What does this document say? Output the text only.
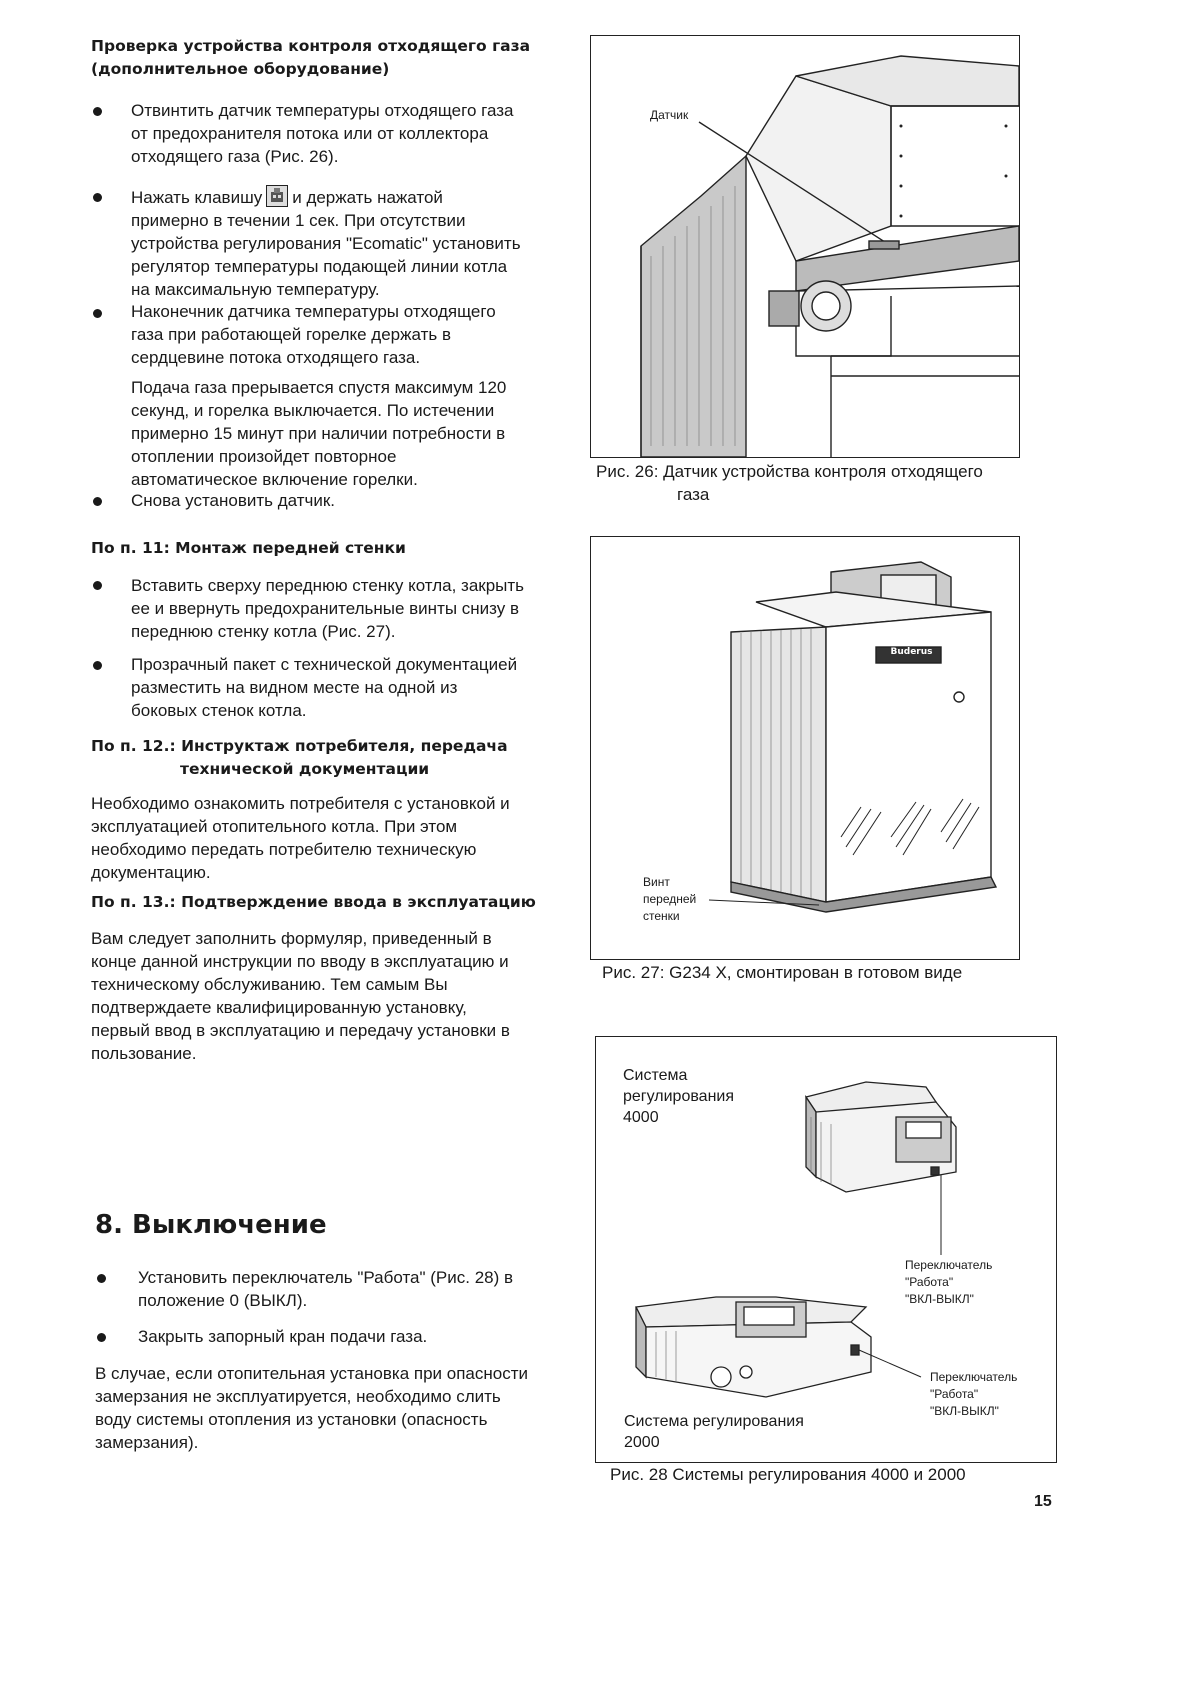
Проверка устройства контроля отходящего газа
(дополнительное оборудование)
Отвинтить датчик температуры отходящего газа
от предохранителя потока или от коллектора
отходящего газа (Рис. 26).
Нажать клавишу и держать нажатой
примерно в течении 1 сек. При отсутствии
устройства регулирования "Ecomatic" установить
регулятор температуры подающей линии котла
на максимальную температуру.
Наконечник датчика температуры отходящего
газа при работающей горелке держать в
сердцевине потока отходящего газа.
Подача газа прерывается спустя максимум 120
секунд, и горелка выключается. По истечении
примерно 15 минут при наличии потребности в
отоплении произойдет повторное
автоматическое включение горелки.
Снова установить датчик.
По п. 11: Монтаж передней стенки
Вставить сверху переднюю стенку котла, закрыть
ее и ввернуть предохранительные винты снизу в
переднюю стенку котла (Рис. 27).
Прозрачный пакет с технической документацией
разместить на видном месте на одной из
боковых стенок котла.
По п. 12.: Инструктаж потребителя, передача
технической документации
Необходимо ознакомить потребителя с установкой и
эксплуатацией отопительного котла. При этом
необходимо передать потребителю техническую
документацию.
По п. 13.: Подтверждение ввода в эксплуатацию
Вам следует заполнить формуляр, приведенный в
конце данной инструкции по вводу в эксплуатацию и
техническому обслуживанию. Тем самым Вы
подтверждаете квалифицированную установку,
первый ввод в эксплуатацию и передачу установки в
пользование.
8. Выключение
Установить переключатель "Работа" (Рис. 28) в
положение 0 (ВЫКЛ).
Закрыть запорный кран подачи газа.
В случае, если отопительная установка при опасности
замерзания не эксплуатируется, необходимо слить
воду системы отопления из установки (опасность
замерзания).
Датчик
Рис. 26: Датчик устройства контроля отходящего
газа
Buderus
Винт
передней
стенки
Рис. 27: G234 X, смонтирован в готовом виде
Система
регулирования
4000
Переключатель
"Работа"
"ВКЛ-ВЫКЛ"
Переключатель
"Работа"
"ВКЛ-ВЫКЛ"
Система регулирования
2000
Рис. 28 Системы регулирования 4000 и 2000
15
